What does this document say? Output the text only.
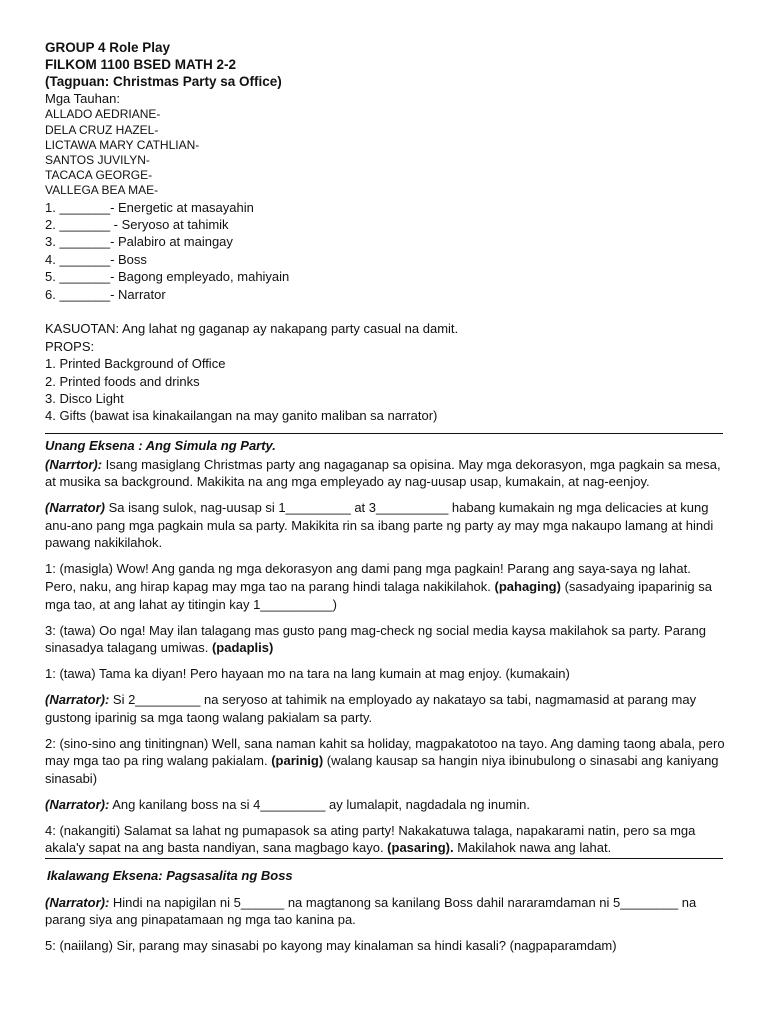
GROUP 4 Role Play
FILKOM 1100 BSED MATH 2-2
(Tagpuan: Christmas Party sa Office)
Mga Tauhan:
ALLADO AEDRIANE-
DELA CRUZ HAZEL-
LICTAWA MARY CATHLIAN-
SANTOS JUVILYN-
TACACA GEORGE-
VALLEGA BEA MAE-
1. _______- Energetic at masayahin
2. _______ - Seryoso at tahimik
3. _______- Palabiro at maingay
4. _______- Boss
5. _______- Bagong empleyado, mahiyain
6. _______- Narrator
KASUOTAN: Ang lahat ng gaganap ay nakapang party casual na damit.
PROPS:
1. Printed Background of Office
2. Printed foods and drinks
3. Disco Light
4. Gifts (bawat isa kinakailangan na may ganito maliban sa narrator)
Unang Eksena : Ang Simula ng Party.
(Narrtor): Isang masiglang Christmas party ang nagaganap sa opisina. May mga dekorasyon, mga pagkain sa mesa, at musika sa background. Makikita na ang mga empleyado ay nag-uusap usap, kumakain, at nag-eenjoy.
(Narrator) Sa isang sulok, nag-uusap si 1_________ at 3__________ habang kumakain ng mga delicacies at kung anu-ano pang mga pagkain mula sa party. Makikita rin sa ibang parte ng party ay may mga nakaupo lamang at hindi pawang nakikilahok.
1: (masigla) Wow! Ang ganda ng mga dekorasyon ang dami pang mga pagkain! Parang ang saya-saya ng lahat. Pero, naku, ang hirap kapag may mga tao na parang hindi talaga nakikilahok. (pahaging) (sasadyaing ipaparinig sa mga tao, at ang lahat ay titingin kay 1__________)
3: (tawa) Oo nga! May ilan talagang mas gusto pang mag-check ng social media kaysa makilahok sa party. Parang sinasadya talagang umiwas. (padaplis)
1: (tawa) Tama ka diyan! Pero hayaan mo na tara na lang kumain at mag enjoy. (kumakain)
(Narrator): Si 2_________ na seryoso at tahimik na employado ay nakatayo sa tabi, nagmamasid at parang may gustong iparinig sa mga taong walang pakialam sa party.
2: (sino-sino ang tinitingnan) Well, sana naman kahit sa holiday, magpakatotoo na tayo. Ang daming taong abala, pero may mga tao pa ring walang pakialam. (parinig) (walang kausap sa hangin niya ibinubulong o sinasabi ang kaniyang sinasabi)
(Narrator): Ang kanilang boss na si 4_________ ay lumalapit, nagdadala ng inumin.
4: (nakangiti) Salamat sa lahat ng pumapasok sa ating party! Nakakatuwa talaga, napakarami natin, pero sa mga akala'y sapat na ang basta nandiyan, sana magbago kayo. (pasaring). Makilahok nawa ang lahat.
Ikalawang Eksena: Pagsasalita ng Boss
(Narrator): Hindi na napigilan ni 5______ na magtanong sa kanilang Boss dahil nararamdaman ni 5________ na parang siya ang pinapatamaan ng mga tao kanina pa.
5: (naiilang) Sir, parang may sinasabi po kayong may kinalaman sa hindi kasali? (nagpaparamdam)
